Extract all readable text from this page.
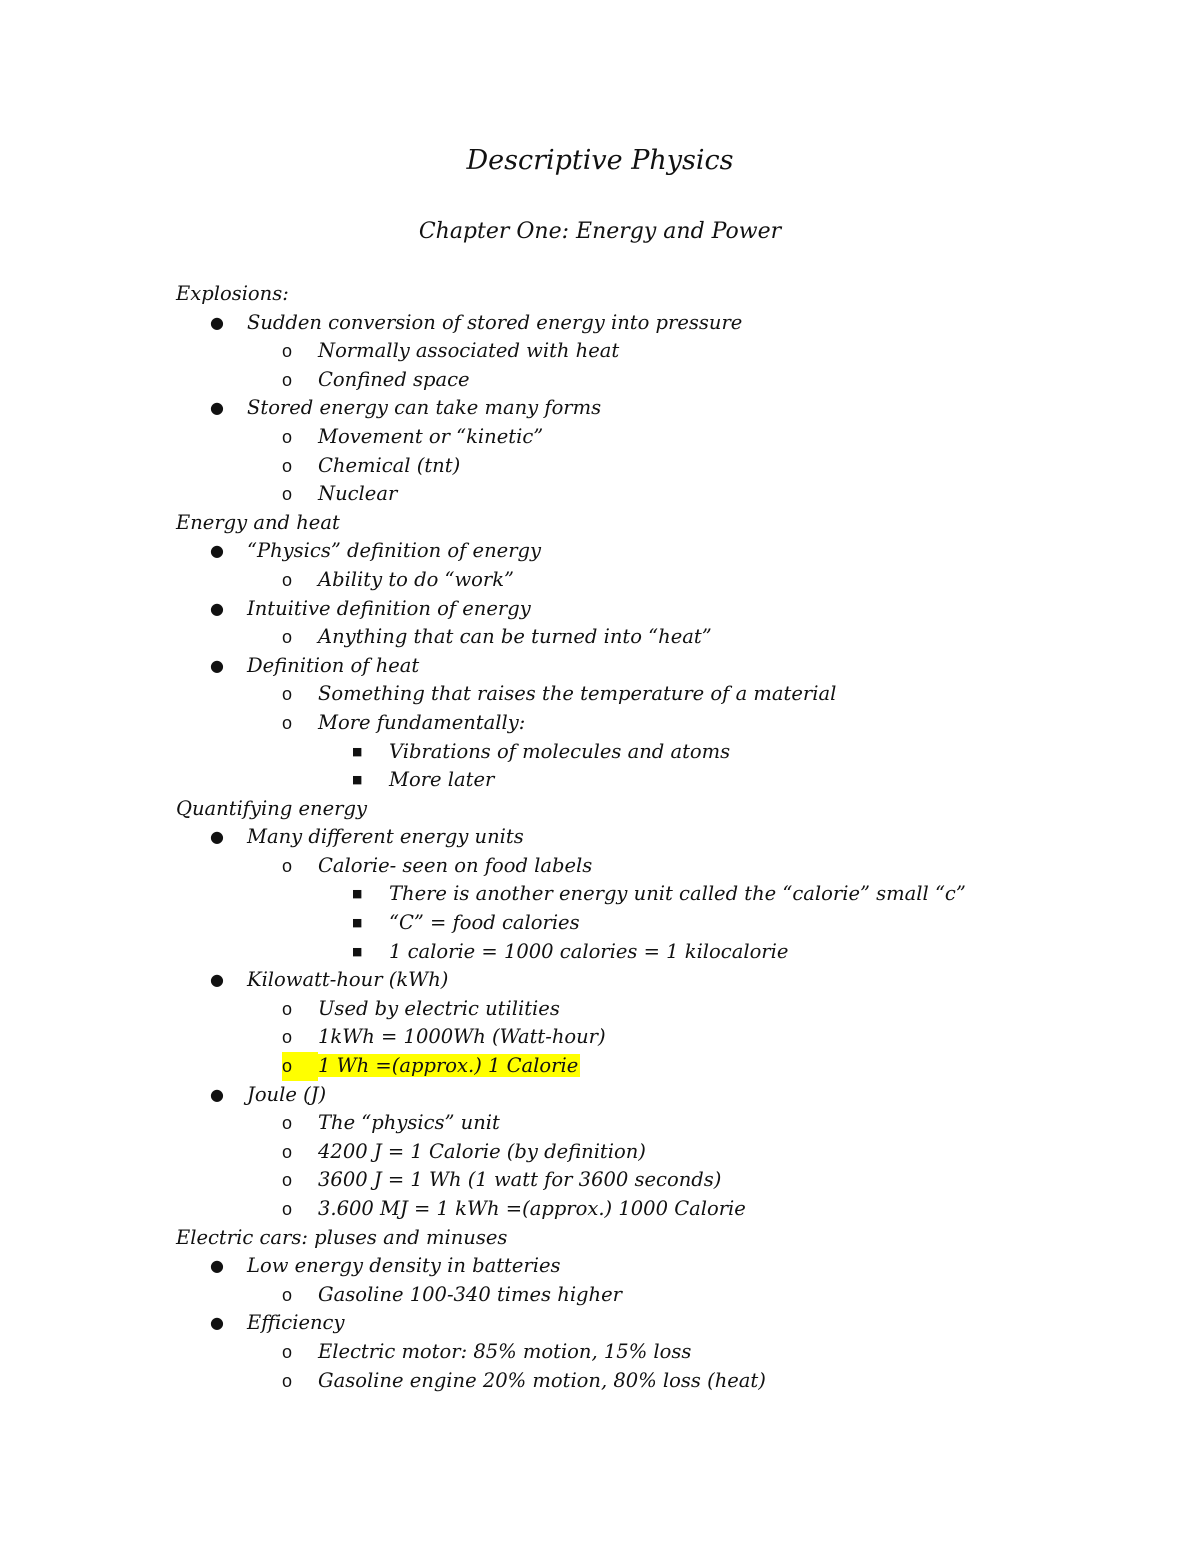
Descriptive Physics
Chapter One: Energy and Power
Explosions:
● Sudden conversion of stored energy into pressure
o Normally associated with heat
o Confined space
● Stored energy can take many forms
o Movement or “kinetic”
o Chemical (tnt)
o Nuclear
Energy and heat
● “Physics” definition of energy
o Ability to do “work”
● Intuitive definition of energy
o Anything that can be turned into “heat”
● Definition of heat
o Something that raises the temperature of a material
o More fundamentally:
■ Vibrations of molecules and atoms
■ More later
Quantifying energy
● Many different energy units
o Calorie- seen on food labels
■ There is another energy unit called the “calorie” small “c”
■ “C” = food calories
■ 1 calorie = 1000 calories = 1 kilocalorie
● Kilowatt-hour (kWh)
o Used by electric utilities
o 1kWh = 1000Wh (Watt-hour)
o	1 Wh =(approx.) 1 Calorie
● Joule (J)
o The “physics” unit
o 4200 J = 1 Calorie (by definition)
o 3600 J = 1 Wh (1 watt for 3600 seconds)
o 3.600 MJ = 1 kWh =(approx.) 1000 Calorie
Electric cars: pluses and minuses
● Low energy density in batteries
o Gasoline 100-340 times higher
● Efficiency
o Electric motor: 85% motion, 15% loss
o Gasoline engine 20% motion, 80% loss (heat)
